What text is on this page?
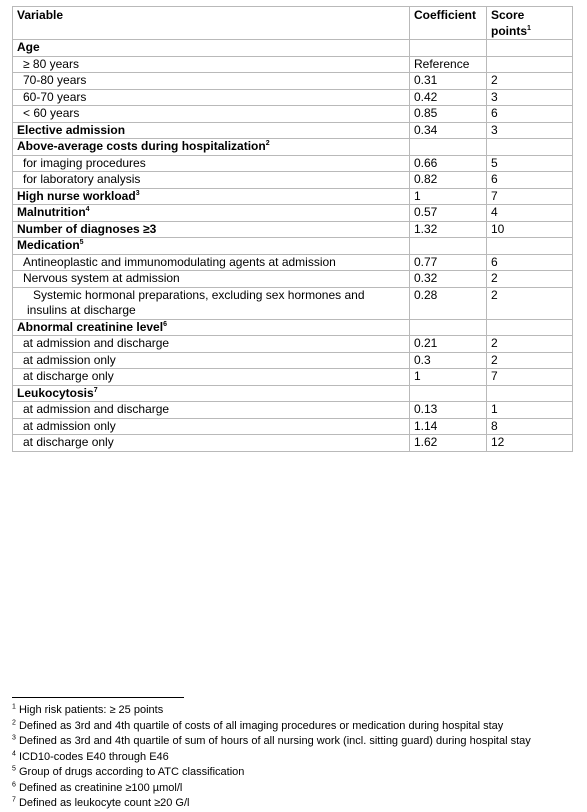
Variable	Coefficient	Score
points$^1$
Age		
≥ 80 years	Reference	
70-80 years	0.31	2
60-70 years	0.42	3
< 60 years	0.85	6
Elective admission	0.34	3
Above-average costs during hospitalization$^2$		
for imaging procedures	0.66	5
for laboratory analysis	0.82	6
High nurse workload$^3$	1	7
Malnutrition$^4$	0.57	4
Number of diagnoses ≥3	1.32	10
Medication$^5$		
Antineoplastic and immunomodulating agents at admission	0.77	6
Nervous system at admission	0.32	2

Systemic hormonal preparations, excluding sex hormones and
insulins at discharge	0.28	2
Abnormal creatinine level$^6$		
at admission and discharge	0.21	2
at admission only	0.3	2
at discharge only	1	7
Leukocytosis$^7$		
at admission and discharge	0.13	1
at admission only	1.14	8
at discharge only	1.62	12
$^1$ High risk patients: ≥ 25 points
$^2$ Defined as 3rd and 4th quartile of costs of all imaging procedures or medication during hospital stay
$^3$ Defined as 3rd and 4th quartile of sum of hours of all nursing work (incl. sitting guard) during hospital stay
$^4$ ICD10-codes E40 through E46
$^5$ Group of drugs according to ATC classification
$^6$ Defined as creatinine ≥100 µmol/l
$^7$ Defined as leukocyte count ≥20 G/l
